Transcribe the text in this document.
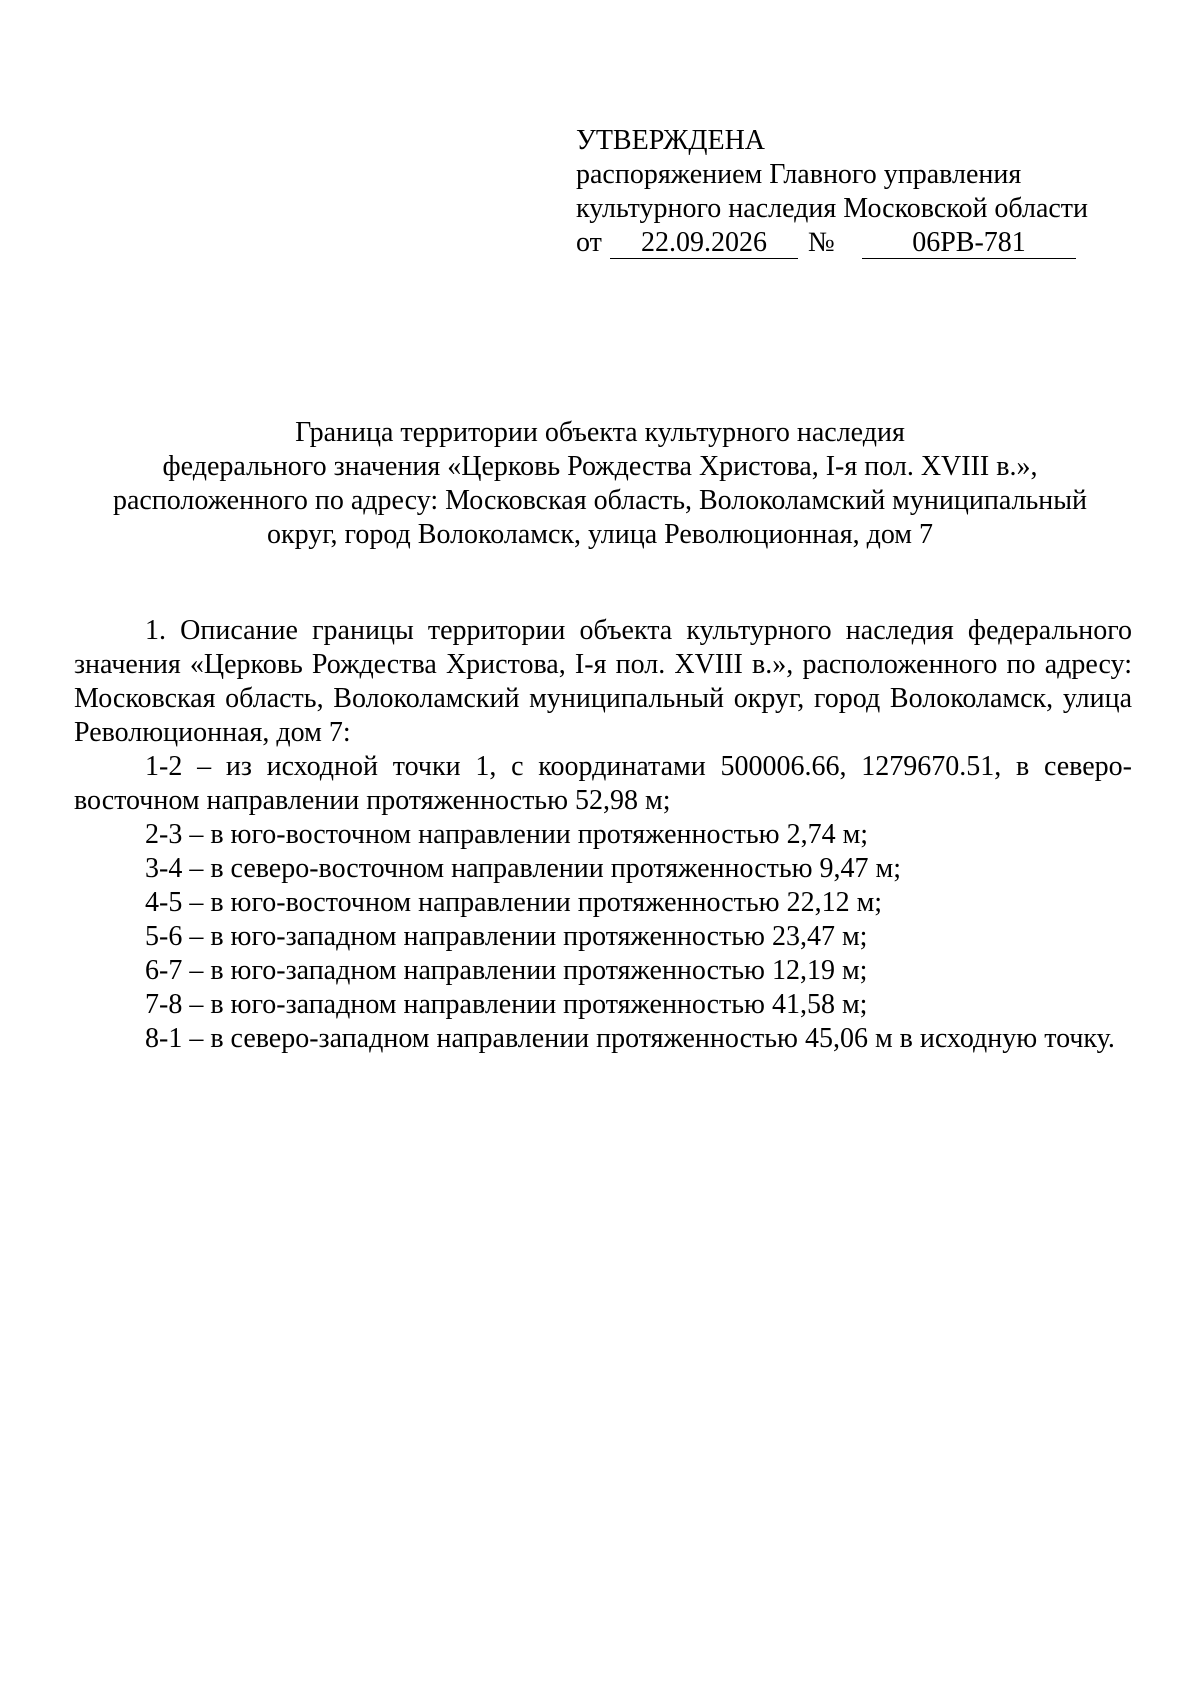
УТВЕРЖДЕНА
распоряжением Главного управления
культурного наследия Московской области
от	22.09.2026	№	06РВ-781
Граница территории объекта культурного наследия
федерального значения «Церковь Рождества Христова, I-я пол. XVIII в.»,
расположенного по адресу: Московская область, Волоколамский муниципальный
округ, город Волоколамск, улица Революционная, дом 7

1. Описание границы территории объекта культурного наследия федерального значения «Церковь Рождества Христова, I-я пол. XVIII в.», расположенного по адресу: Московская область, Волоколамский муниципальный округ, город Волоколамск, улица Революционная, дом 7:

1-2 – из исходной точки 1, с координатами 500006.66, 1279670.51, в северо-восточном направлении протяженностью 52,98 м;

2-3 – в юго-восточном направлении протяженностью 2,74 м;

3-4 – в северо-восточном направлении протяженностью 9,47 м;

4-5 – в юго-восточном направлении протяженностью 22,12 м;

5-6 – в юго-западном направлении протяженностью 23,47 м;

6-7 – в юго-западном направлении протяженностью 12,19 м;

7-8 – в юго-западном направлении протяженностью 41,58 м;

8-1 – в северо-западном направлении протяженностью 45,06 м в исходную точку.
